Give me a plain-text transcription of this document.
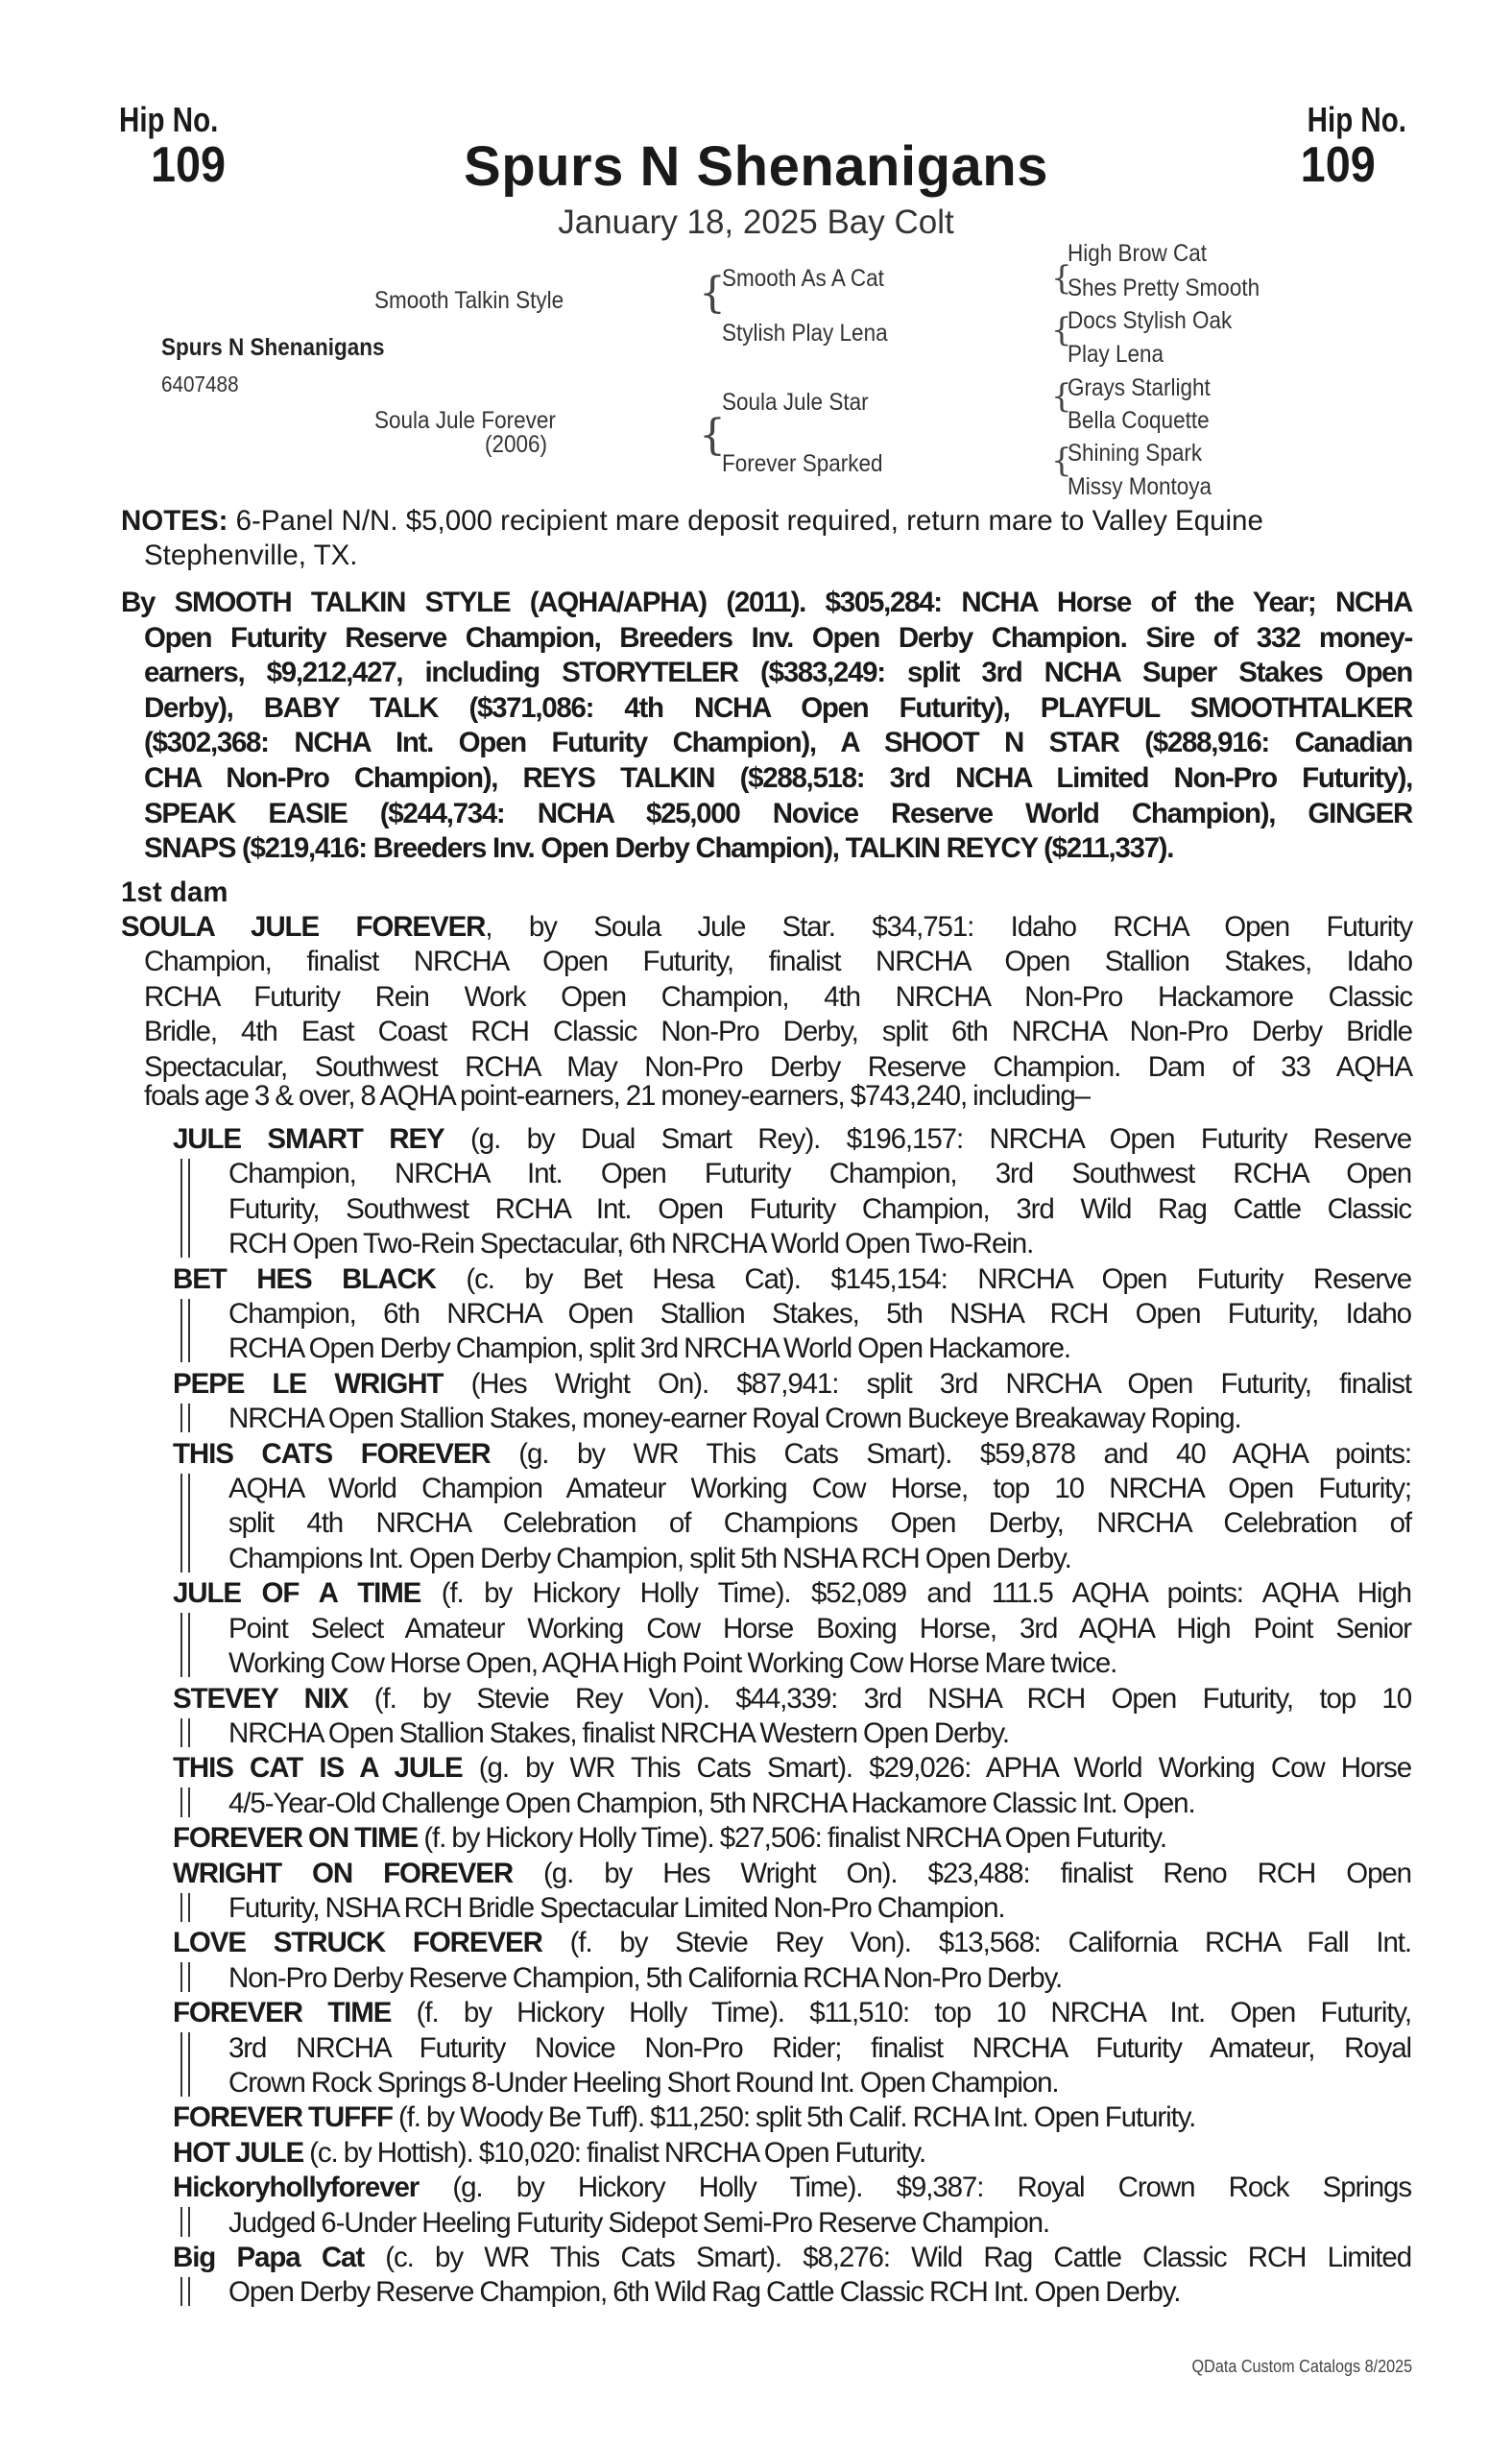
Hip No.
109
Hip No.
109
Spurs N Shenanigans
January 18, 2025 Bay Colt
Smooth Talkin Style
Spurs N Shenanigans
6407488
Soula Jule Forever
(2006)
{
{
Smooth As A Cat
Stylish Play Lena
Soula Jule Star
Forever Sparked
{
{
{
{
High Brow Cat
Shes Pretty Smooth
Docs Stylish Oak
Play Lena
Grays Starlight
Bella Coquette
Shining Spark
Missy Montoya
NOTES: 6-Panel N/N. $5,000 recipient mare deposit required, return mare to Valley Equine
Stephenville, TX.
By SMOOTH TALKIN STYLE (AQHA/APHA) (2011). $305,284: NCHA Horse of the Year; NCHA
Open Futurity Reserve Champion, Breeders Inv. Open Derby Champion. Sire of 332 money-
earners, $9,212,427, including STORYTELER ($383,249: split 3rd NCHA Super Stakes Open
Derby), BABY TALK ($371,086: 4th NCHA Open Futurity), PLAYFUL SMOOTHTALKER
($302,368: NCHA Int. Open Futurity Champion), A SHOOT N STAR ($288,916: Canadian
CHA Non-Pro Champion), REYS TALKIN ($288,518: 3rd NCHA Limited Non-Pro Futurity),
SPEAK EASIE ($244,734: NCHA $25,000 Novice Reserve World Champion), GINGER
SNAPS ($219,416: Breeders Inv. Open Derby Champion), TALKIN REYCY ($211,337).
1st dam
SOULA JULE FOREVER, by Soula Jule Star. $34,751: Idaho RCHA Open Futurity
Champion, finalist NRCHA Open Futurity, finalist NRCHA Open Stallion Stakes, Idaho
RCHA Futurity Rein Work Open Champion, 4th NRCHA Non-Pro Hackamore Classic
Bridle, 4th East Coast RCH Classic Non-Pro Derby, split 6th NRCHA Non-Pro Derby Bridle
Spectacular, Southwest RCHA May Non-Pro Derby Reserve Champion. Dam of 33 AQHA
foals age 3 & over, 8 AQHA point-earners, 21 money-earners, $743,240, including–
JULE SMART REY (g. by Dual Smart Rey). $196,157: NRCHA Open Futurity Reserve
Champion, NRCHA Int. Open Futurity Champion, 3rd Southwest RCHA Open
Futurity, Southwest RCHA Int. Open Futurity Champion, 3rd Wild Rag Cattle Classic
RCH Open Two-Rein Spectacular, 6th NRCHA World Open Two-Rein.
BET HES BLACK (c. by Bet Hesa Cat). $145,154: NRCHA Open Futurity Reserve
Champion, 6th NRCHA Open Stallion Stakes, 5th NSHA RCH Open Futurity, Idaho
RCHA Open Derby Champion, split 3rd NRCHA World Open Hackamore.
PEPE LE WRIGHT (Hes Wright On). $87,941: split 3rd NRCHA Open Futurity, finalist
NRCHA Open Stallion Stakes, money-earner Royal Crown Buckeye Breakaway Roping.
THIS CATS FOREVER (g. by WR This Cats Smart). $59,878 and 40 AQHA points:
AQHA World Champion Amateur Working Cow Horse, top 10 NRCHA Open Futurity;
split 4th NRCHA Celebration of Champions Open Derby, NRCHA Celebration of
Champions Int. Open Derby Champion, split 5th NSHA RCH Open Derby.
JULE OF A TIME (f. by Hickory Holly Time). $52,089 and 111.5 AQHA points: AQHA High
Point Select Amateur Working Cow Horse Boxing Horse, 3rd AQHA High Point Senior
Working Cow Horse Open, AQHA High Point Working Cow Horse Mare twice.
STEVEY NIX (f. by Stevie Rey Von). $44,339: 3rd NSHA RCH Open Futurity, top 10
NRCHA Open Stallion Stakes, finalist NRCHA Western Open Derby.
THIS CAT IS A JULE (g. by WR This Cats Smart). $29,026: APHA World Working Cow Horse
4/5-Year-Old Challenge Open Champion, 5th NRCHA Hackamore Classic Int. Open.
FOREVER ON TIME (f. by Hickory Holly Time). $27,506: finalist NRCHA Open Futurity.
WRIGHT ON FOREVER (g. by Hes Wright On). $23,488: finalist Reno RCH Open
Futurity, NSHA RCH Bridle Spectacular Limited Non-Pro Champion.
LOVE STRUCK FOREVER (f. by Stevie Rey Von). $13,568: California RCHA Fall Int.
Non-Pro Derby Reserve Champion, 5th California RCHA Non-Pro Derby.
FOREVER TIME (f. by Hickory Holly Time). $11,510: top 10 NRCHA Int. Open Futurity,
3rd NRCHA Futurity Novice Non-Pro Rider; finalist NRCHA Futurity Amateur, Royal
Crown Rock Springs 8-Under Heeling Short Round Int. Open Champion.
FOREVER TUFFF (f. by Woody Be Tuff). $11,250: split 5th Calif. RCHA Int. Open Futurity.
HOT JULE (c. by Hottish). $10,020: finalist NRCHA Open Futurity.
Hickoryhollyforever (g. by Hickory Holly Time). $9,387: Royal Crown Rock Springs
Judged 6-Under Heeling Futurity Sidepot Semi-Pro Reserve Champion.
Big Papa Cat (c. by WR This Cats Smart). $8,276: Wild Rag Cattle Classic RCH Limited
Open Derby Reserve Champion, 6th Wild Rag Cattle Classic RCH Int. Open Derby.
QData Custom Catalogs 8/2025
